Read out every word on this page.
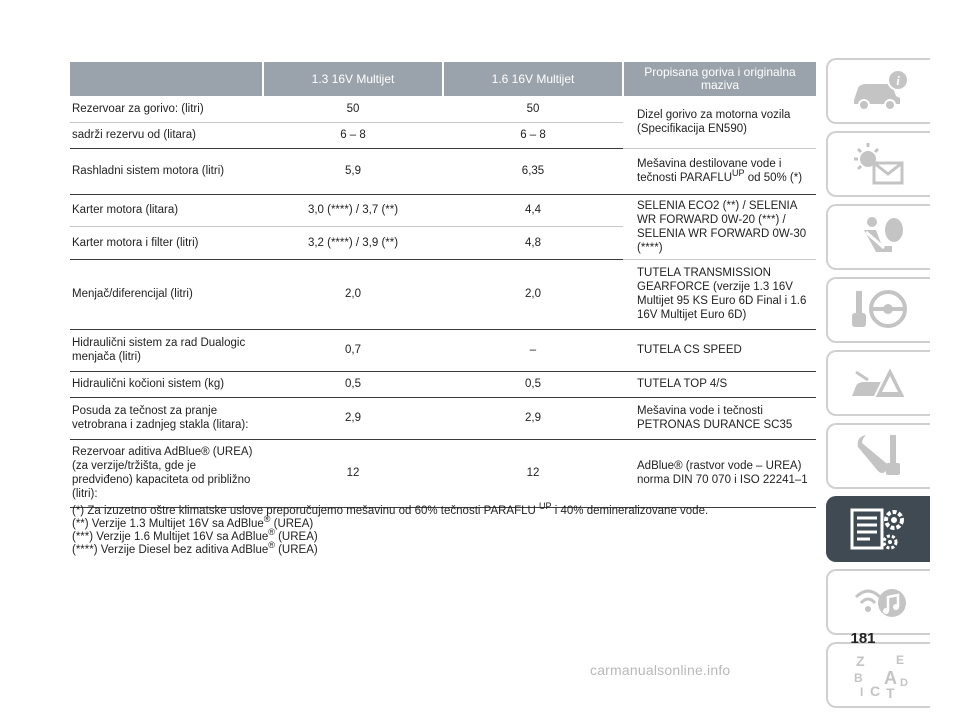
	1.3 16V Multijet	1.6 16V Multijet	Propisana goriva i originalna maziva
Rezervoar za gorivo: (litri)	50	50	Dizel gorivo za motorna vozila (Specifikacija EN590)
sadrži rezervu od (litara)	6 – 8	6 – 8	
Rashladni sistem motora (litri)	5,9	6,35	Mešavina destilovane vode i tečnosti $PARAFLU^{UP}$ od 50% (*)
Karter motora (litara)	3,0 (****) / 3,7 (**)	4,4	SELENIA ECO2 (**) / SELENIA WR FORWARD 0W-20 (***) / SELENIA WR FORWARD 0W-30 (****)
Karter motora i filter (litri)	3,2 (****) / 3,9 (**)	4,8	
Menjač/diferencijal (litri)	2,0	2,0	TUTELA TRANSMISSION GEARFORCE (verzije 1.3 16V Multijet 95 KS Euro 6D Final i 1.6 16V Multijet Euro 6D)
Hidraulični sistem za rad Dualogic menjača (litri)	0,7	–	TUTELA CS SPEED
Hidraulični kočioni sistem (kg)	0,5	0,5	TUTELA TOP 4/S
Posuda za tečnost za pranje vetrobrana i zadnjeg stakla (litara):	2,9	2,9	Mešavina vode i tečnosti PETRONAS DURANCE SC35
Rezervoar aditiva AdBlue® (UREA) (za verzije/tržišta, gde je predviđeno) kapaciteta od približno (litri):	12	12	AdBlue® (rastvor vode – UREA) norma DIN 70 070 i ISO 22241–1

(*) Za izuzetno oštre klimatske uslove preporučujemo mešavinu od 60% tečnosti PARAFLU $^{UP}$ i 40% demineralizovane vode.

(**) Verzije 1.3 Multijet 16V sa AdBlue® (UREA)

(***) Verzije 1.6 Multijet 16V sa AdBlue® (UREA)

(****) Verzije Diesel bez aditiva AdBlue® (UREA)

i
Z	E
B A D
I C T
181
carmanualsonline.info
